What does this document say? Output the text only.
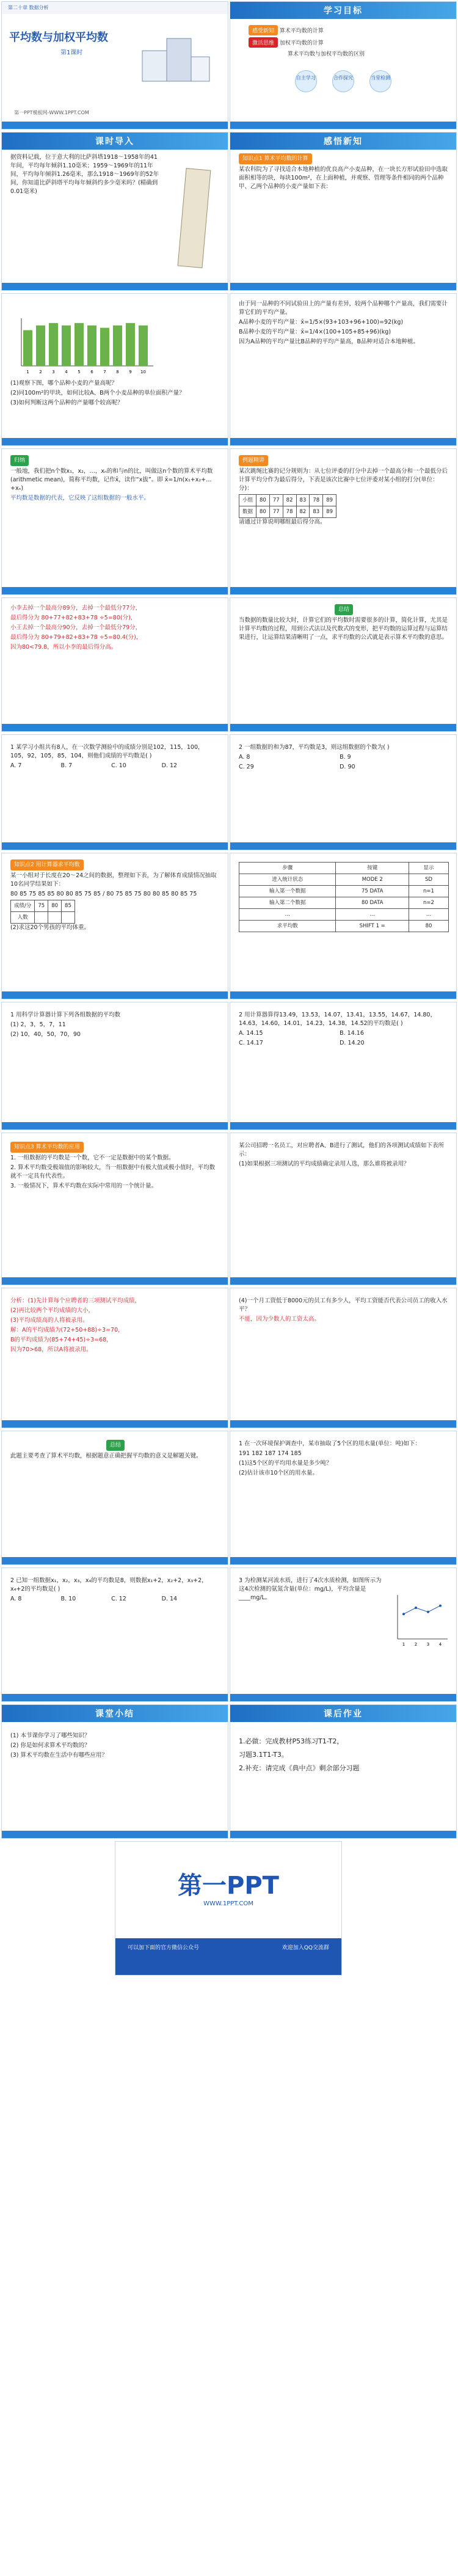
第二十章 数据分析
平均数与加权平均数
第1课时
第一PPT模板网-WWW.1PPT.COM
学习目标
感受新知 算术平均数的计算
激活思维 加权平均数的计算
算术平均数与加权平均数的区别
自主学习	合作探究	当堂检测
课时导入
据资料记载，位于意大利的比萨斜塔1918～1958年的41年间，平均每年倾斜1.10毫米；1959～1969年的11年间，平均每年倾斜1.26毫米，那么1918～1969年的52年间，你知道比萨斜塔平均每年倾斜约多少毫米吗？(精确到0.01毫米)
感悟新知

知识点1 算术平均数的计算

某农科院为了寻找适合本地种植的优良高产小麦品种，在一块长方形试验田中选取面积相等的块，每块100m²，在上面种植，并观察、管理等条件相同的两个品种甲、乙两个品种的小麦产量如下表：

1 2 3 4 5 6 7 8 9 10

(1)观察下图，哪个品种小麦的产量高呢？

(2)同100m²的甲块，如何比较A、B两个小麦品种的单位面积产量？

(3)如何判断这两个品种的产量哪个较高呢？

由于同一品种的不同试验田上的产量有差异，较两个品种哪个产量高，我们需要计算它们的平均产量。

A品种小麦的平均产量：x̄=1/5×(93+103+96+100)=92(kg)

B品种小麦的平均产量：x̄=1/4×(100+105+85+96)(kg)

因为A品种的平均产量比B品种的平均产量高，B品种对适合本地种植。

归纳

一般地，我们把n个数x₁，x₂，…，xₙ的和与n的比，叫做这n个数的算术平均数(arithmetic mean)，简称平均数，记作x̄，读作“x拔”。即 x̄=1/n(x₁+x₂+…+xₙ)

平均数是数据的代表，它反映了这组数据的一般水平。

例题精讲

某次跳绳比赛的记分规则为：从七位评委的打分中去掉一个最高分和一个最低分后计算平均分作为最后得分，下表是该次比赛中七位评委对某小组的打分(单位：分)：

小组	80	77	82	83	78	89
数据	80	77	78	82	83	89

请通过计算说明哪组最后得分高。

小李去掉一个最高分89分，去掉一个最低分77分，

最后得分为 80+77+82+83+78 ÷5=80(分)，

小王去掉一个最高分90分，去掉一个最低分79分，

最后得分为 80+79+82+83+78 ÷5=80.4(分)，

因为80<79.8，所以小李的最后得分高。

总结

当数据的数量比较大时，计算它们的平均数时需要很多的计算，简化计算，尤其是计算平均数的过程，用到公式法以及代数式的变形，把平均数的运算过程与运算结果进行，让运算结果清晰明了一点，求平均数的公式就是表示算术平均数的意思。

1 某学习小组共有8人，在一次数学测验中的成绩分别是102，115，100，105，92，105，85，104，则他们成绩的平均数是( )

A. 7	B. 7	C. 10	D. 12

2 一组数据的和为87，平均数是3，则这组数据的个数为( )

A. 8	B. 9

C. 29	D. 90

知识点2 用计算器求平均数

某一小组对于长度在20～24之间的数据，整理如下表，为了解体育成绩情况抽取10名同学结果如下：

80 85 75 85 85 80 80 85 75 85 / 80 75 85 75 80 80 85 80 85 75

成绩/分	75	80	85
人数			

(2)求这20个男孩的平均体重。

步骤	按键	显示
进入统计状态	MODE 2	SD
输入第一个数据	75 DATA	n=1
输入第二个数据	80 DATA	n=2
…	…	…
求平均数	SHIFT 1 =	80

1 用科学计算器计算下列各组数据的平均数

(1) 2，3，5，7，11

(2) 10，40，50，70，90

2 用计算器算得13.49，13.53，14.07，13.41，13.55，14.67，14.80，14.63，14.60，14.01，14.23，14.38，14.52的平均数是( )

A. 14.15	B. 14.16

C. 14.17	D. 14.20

知识点3 算术平均数的应用

1. 一组数据的平均数是一个数，它不一定是数据中的某个数据。

2. 算术平均数受极端值的影响较大，当一组数据中有极大值或极小值时，平均数就不一定具有代表性。

3. 一般情况下，算术平均数在实际中常用的一个统计量。

某公司招聘一名员工，对应聘者A、B进行了测试，他们的各项测试成绩如下表所示：

(1)如果根据三项测试的平均成绩确定录用人选，那么谁将被录用？

分析：(1)先计算每个应聘者的三项测试平均成绩，

(2)再比较两个平均成绩的大小，

(3)平均成绩高的人将被录用。

解：A的平均成绩为(72+50+88)÷3=70，

B的平均成绩为(85+74+45)÷3=68，

因为70>68，所以A将被录用。

(4)一个月工资低于8000元的员工有多少人，平均工资能否代表公司员工的收入水平？

不能，因为少数人的工资太高。

总结

此题主要考查了算术平均数，根据题意正确把握平均数的意义是解题关键。

1 在一次环境保护调查中，某市抽取了5个区的用水量(单位：吨)如下：

191 182 187 174 185

(1)这5个区的平均用水量是多少吨？

(2)估计该市10个区的用水量。

2 已知一组数据x₁，x₂，x₃，x₄的平均数是8，则数据x₁+2，x₂+2，x₃+2，x₄+2的平均数是( )

A. 8	B. 10	C. 12	D. 14

3 为检测某河流水质，进行了4次水质检测，如图所示为这4次检测的氨氮含量(单位：mg/L)，平均含量是____mg/L。
1 2 3 4
课堂小结

(1) 本节课你学习了哪些知识？

(2) 你是如何求算术平均数的？

(3) 算术平均数在生活中有哪些应用？

课后作业

1.必做：完成教材P53练习T1-T2，

习题3.1T1-T3。

2.补充：请完成《典中点》剩余部分习题

第一PPT
WWW.1PPT.COM
可以加下面的官方微信公众号	欢迎加入QQ交流群
